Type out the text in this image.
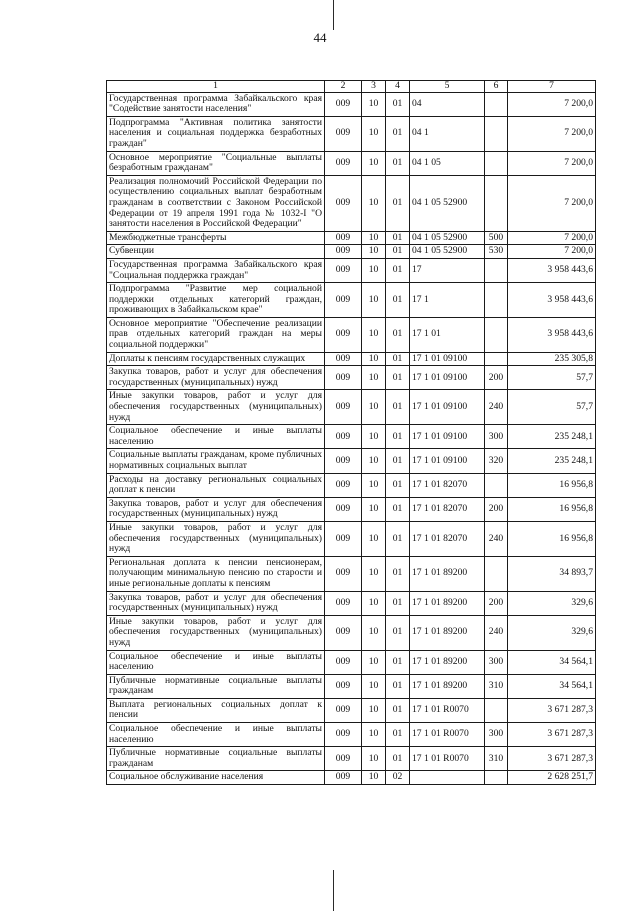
44
1	2	3	4	5	6	7
Государственная программа Забайкальского края "Содействие занятости населения"	009	10	01	04		7 200,0
Подпрограмма "Активная политика занятости населения и социальная поддержка безработных граждан"	009	10	01	04 1		7 200,0
Основное мероприятие "Социальные выплаты безработным гражданам"	009	10	01	04 1 05		7 200,0
Реализация полномочий Российской Федерации по осуществлению социальных выплат безработным гражданам в соответствии с Законом Российской Федерации от 19 апреля 1991 года № 1032-I "О занятости населения в Российской Федерации"	009	10	01	04 1 05 52900		7 200,0
Межбюджетные трансферты	009	10	01	04 1 05 52900	500	7 200,0
Субвенции	009	10	01	04 1 05 52900	530	7 200,0
Государственная программа Забайкальского края "Социальная поддержка граждан"	009	10	01	17		3 958 443,6
Подпрограмма "Развитие мер социальной поддержки отдельных категорий граждан, проживающих в Забайкальском крае"	009	10	01	17 1		3 958 443,6
Основное мероприятие "Обеспечение реализации прав отдельных категорий граждан на меры социальной поддержки"	009	10	01	17 1 01		3 958 443,6
Доплаты к пенсиям государственных служащих	009	10	01	17 1 01 09100		235 305,8
Закупка товаров, работ и услуг для обеспечения государственных (муниципальных) нужд	009	10	01	17 1 01 09100	200	57,7
Иные закупки товаров, работ и услуг для обеспечения государственных (муниципальных) нужд	009	10	01	17 1 01 09100	240	57,7
Социальное обеспечение и иные выплаты населению	009	10	01	17 1 01 09100	300	235 248,1
Социальные выплаты гражданам, кроме публичных нормативных социальных выплат	009	10	01	17 1 01 09100	320	235 248,1
Расходы на доставку региональных социальных доплат к пенсии	009	10	01	17 1 01 82070		16 956,8
Закупка товаров, работ и услуг для обеспечения государственных (муниципальных) нужд	009	10	01	17 1 01 82070	200	16 956,8
Иные закупки товаров, работ и услуг для обеспечения государственных (муниципальных) нужд	009	10	01	17 1 01 82070	240	16 956,8
Региональная доплата к пенсии пенсионерам, получающим минимальную пенсию по старости и иные региональные доплаты к пенсиям	009	10	01	17 1 01 89200		34 893,7
Закупка товаров, работ и услуг для обеспечения государственных (муниципальных) нужд	009	10	01	17 1 01 89200	200	329,6
Иные закупки товаров, работ и услуг для обеспечения государственных (муниципальных) нужд	009	10	01	17 1 01 89200	240	329,6
Социальное обеспечение и иные выплаты населению	009	10	01	17 1 01 89200	300	34 564,1
Публичные нормативные социальные выплаты гражданам	009	10	01	17 1 01 89200	310	34 564,1
Выплата региональных социальных доплат к пенсии	009	10	01	17 1 01 R0070		3 671 287,3
Социальное обеспечение и иные выплаты населению	009	10	01	17 1 01 R0070	300	3 671 287,3
Публичные нормативные социальные выплаты гражданам	009	10	01	17 1 01 R0070	310	3 671 287,3
Социальное обслуживание населения	009	10	02			2 628 251,7
